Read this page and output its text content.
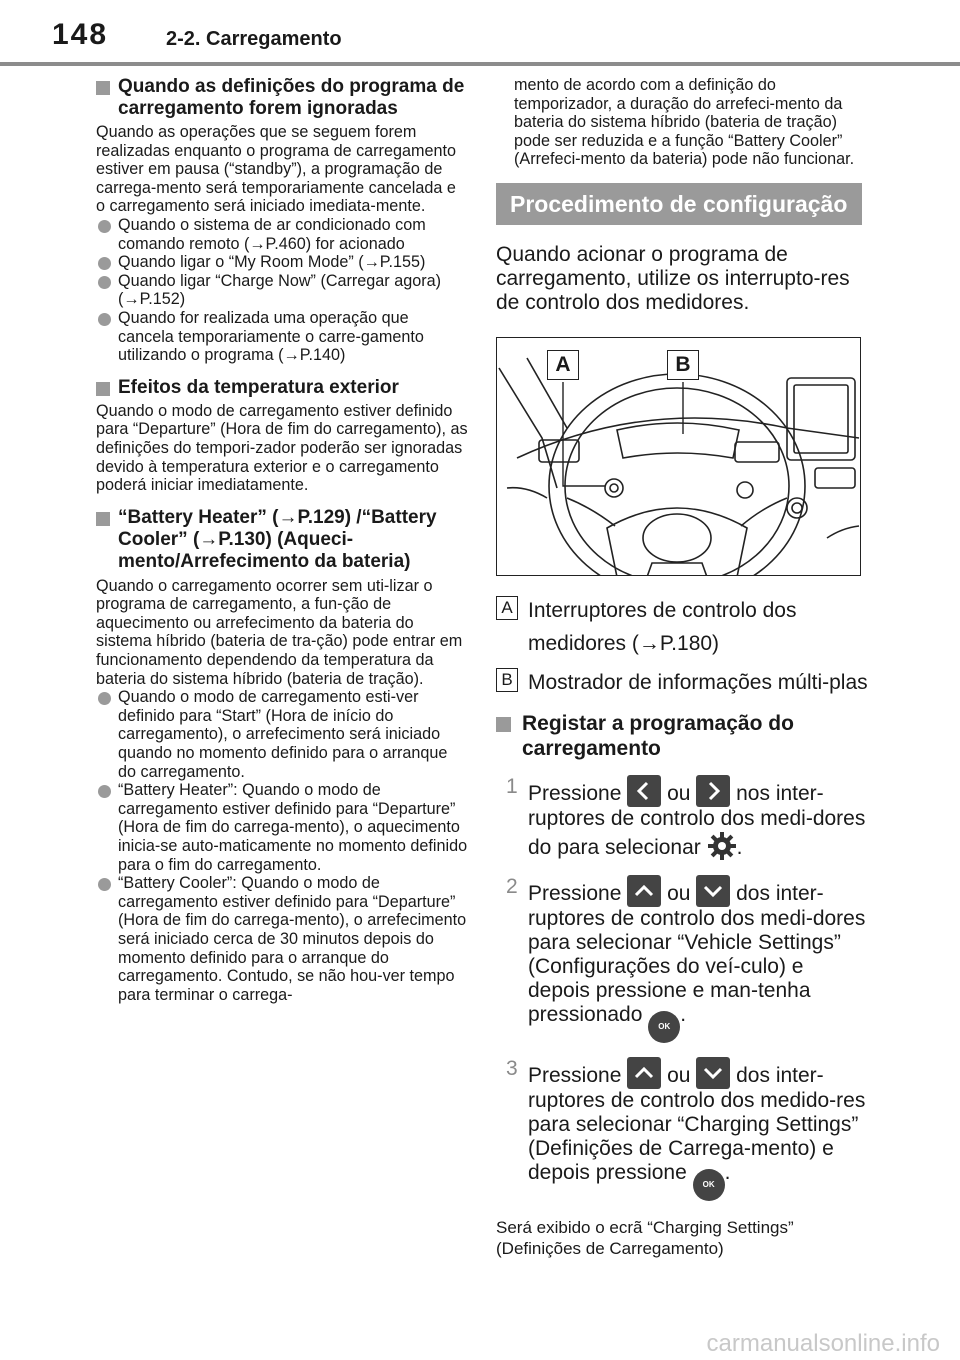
148	2-2. Carregamento
Quando as definições do programa de carregamento forem ignoradas
Quando as operações que se seguem forem realizadas enquanto o programa de carregamento estiver em pausa (“standby”), a programação de carrega-mento será temporariamente cancelada e o carregamento será iniciado imediata-mente.
Quando o sistema de ar condicionado com comando remoto (→P.460) for acionado
Quando ligar o “My Room Mode” (→P.155)
Quando ligar “Charge Now” (Carregar agora) (→P.152)
Quando for realizada uma operação que cancela temporariamente o carre-gamento utilizando o programa (→P.140)
Efeitos da temperatura exterior
Quando o modo de carregamento estiver definido para “Departure” (Hora de fim do carregamento), as definições do tempori-zador poderão ser ignoradas devido à temperatura exterior e o carregamento poderá iniciar imediatamente.
“Battery Heater” (→P.129) /“Battery Cooler” (→P.130) (Aqueci-mento/Arrefecimento da bateria)
Quando o carregamento ocorrer sem uti-lizar o programa de carregamento, a fun-ção de aquecimento ou arrefecimento da bateria do sistema híbrido (bateria de tra-ção) pode entrar em funcionamento dependendo da temperatura da bateria do sistema híbrido (bateria de tração).
Quando o modo de carregamento esti-ver definido para “Start” (Hora de início do carregamento), o arrefecimento será iniciado quando no momento definido para o arranque do carregamento.
“Battery Heater”: Quando o modo de carregamento estiver definido para “Departure” (Hora de fim do carrega-mento), o aquecimento inicia-se auto-maticamente no momento definido para o fim do carregamento.
“Battery Cooler”: Quando o modo de carregamento estiver definido para “Departure” (Hora de fim do carrega-mento), o arrefecimento será iniciado cerca de 30 minutos depois do momento definido para o arranque do carregamento. Contudo, se não hou-ver tempo para terminar o carrega-
mento de acordo com a definição do temporizador, a duração do arrefeci-mento da bateria do sistema híbrido (bateria de tração) pode ser reduzida e a função “Battery Cooler” (Arrefeci-mento da bateria) pode não funcionar.
Procedimento de configuração
Quando acionar o programa de carregamento, utilize os interrupto-res de controlo dos medidores.
A	B
A Interruptores de controlo dos medidores (→P.180)
B Mostrador de informações múlti-plas
Registar a programação do carregamento
1 Pressione ou nos inter-ruptores de controlo dos medi-dores do para selecionar .
2 Pressione ou dos inter-ruptores de controlo dos medi-dores para selecionar “Vehicle Settings” (Configurações do veí-culo) e depois pressione e man-tenha pressionado OK.
3 Pressione ou dos inter-ruptores de controlo dos medido-res para selecionar “Charging Settings” (Definições de Carrega-mento) e depois pressione OK.
Será exibido o ecrã “Charging Settings” (Definições de Carregamento)
carmanualsonline.info
